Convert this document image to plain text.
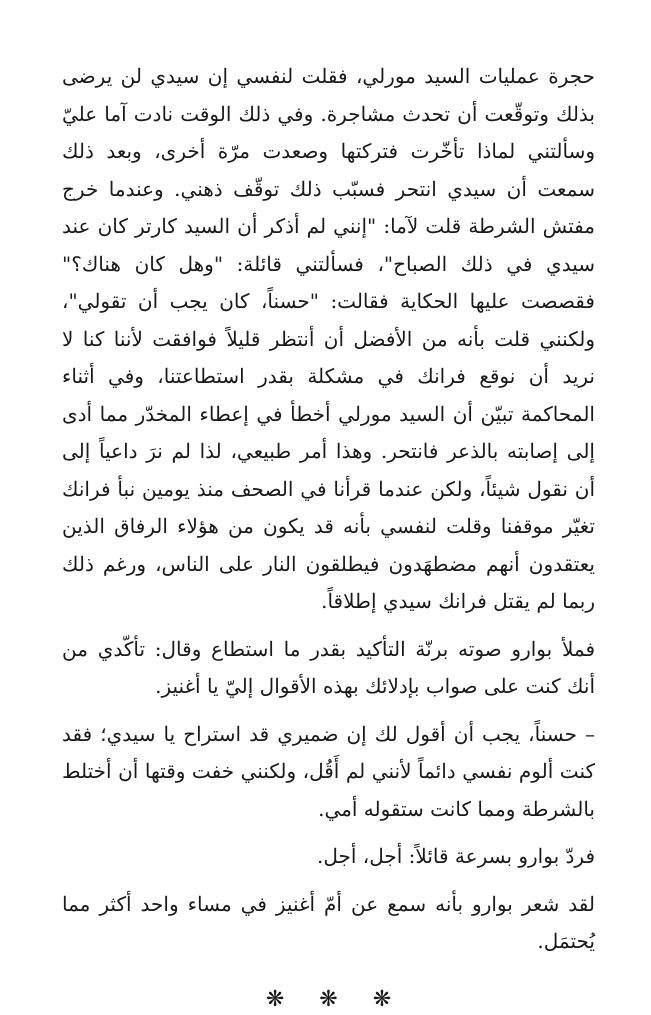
حجرة عمليات السيد مورلي، فقلت لنفسي إن سيدي لن يرضى بذلك وتوقّعت أن تحدث مشاجرة. وفي ذلك الوقت نادت آما عليّ وسألتني لماذا تأخّرت فتركتها وصعدت مرّة أخرى، وبعد ذلك سمعت أن سيدي انتحر فسبّب ذلك توقّف ذهني. وعندما خرج مفتش الشرطة قلت لآما: "إنني لم أذكر أن السيد كارتر كان عند سيدي في ذلك الصباح"، فسألتني قائلة: "وهل كان هناك؟" فقصصت عليها الحكاية فقالت: "حسناً، كان يجب أن تقولي"، ولكنني قلت بأنه من الأفضل أن أنتظر قليلاً فوافقت لأننا كنا لا نريد أن نوقع فرانك في مشكلة بقدر استطاعتنا، وفي أثناء المحاكمة تبيّن أن السيد مورلي أخطأ في إعطاء المخدّر مما أدى إلى إصابته بالذعر فانتحر. وهذا أمر طبيعي، لذا لم نرَ داعياً إلى أن نقول شيئاً، ولكن عندما قرأنا في الصحف منذ يومين نبأ فرانك تغيّر موقفنا وقلت لنفسي بأنه قد يكون من هؤلاء الرفاق الذين يعتقدون أنهم مضطهَدون فيطلقون النار على الناس، ورغم ذلك ربما لم يقتل فرانك سيدي إطلاقاً.

فملأ بوارو صوته برنّة التأكيد بقدر ما استطاع وقال: تأكّدي من أنك كنت على صواب بإدلائك بهذه الأقوال إليّ يا أغنيز.

– حسناً، يجب أن أقول لك إن ضميري قد استراح يا سيدي؛ فقد كنت ألوم نفسي دائماً لأنني لم أَقُل، ولكنني خفت وقتها أن أختلط بالشرطة ومما كانت ستقوله أمي.

فردّ بوارو بسرعة قائلاً: أجل، أجل.

لقد شعر بوارو بأنه سمع عن أمّ أغنيز في مساء واحد أكثر مما يُحتمَل.

❋ ❋ ❋
